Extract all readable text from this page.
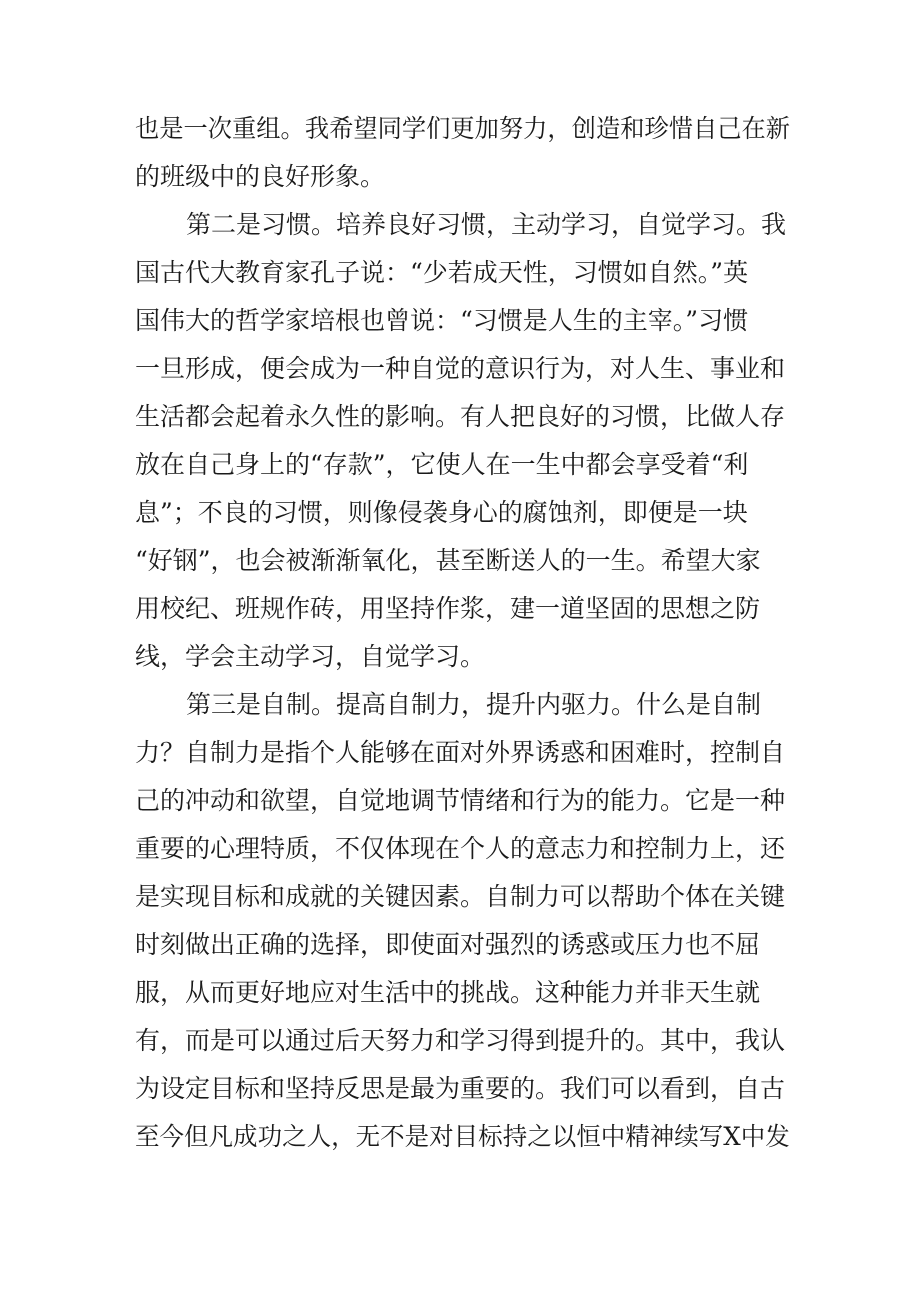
也是一次重组。我希望同学们更加努力，创造和珍惜自己在新
的班级中的良好形象。
第二是习惯。培养良好习惯，主动学习，自觉学习。我
国古代大教育家孔子说：“少若成天性，习惯如自然。”英
国伟大的哲学家培根也曾说：“习惯是人生的主宰。”习惯
一旦形成，便会成为一种自觉的意识行为，对人生、事业和
生活都会起着永久性的影响。有人把良好的习惯，比做人存
放在自己身上的“存款”，它使人在一生中都会享受着“利
息”；不良的习惯，则像侵袭身心的腐蚀剂，即便是一块
“好钢”，也会被渐渐氧化，甚至断送人的一生。希望大家
用校纪、班规作砖，用坚持作浆，建一道坚固的思想之防
线，学会主动学习，自觉学习。
第三是自制。提高自制力，提升内驱力。什么是自制
力？自制力是指个人能够在面对外界诱惑和困难时，控制自
己的冲动和欲望，自觉地调节情绪和行为的能力。它是一种
重要的心理特质，不仅体现在个人的意志力和控制力上，还
是实现目标和成就的关键因素。自制力可以帮助个体在关键
时刻做出正确的选择，即使面对强烈的诱惑或压力也不屈
服，从而更好地应对生活中的挑战。这种能力并非天生就
有，而是可以通过后天努力和学习得到提升的。其中，我认
为设定目标和坚持反思是最为重要的。我们可以看到，自古
至今但凡成功之人，无不是对目标持之以恒中精神续写X中发
